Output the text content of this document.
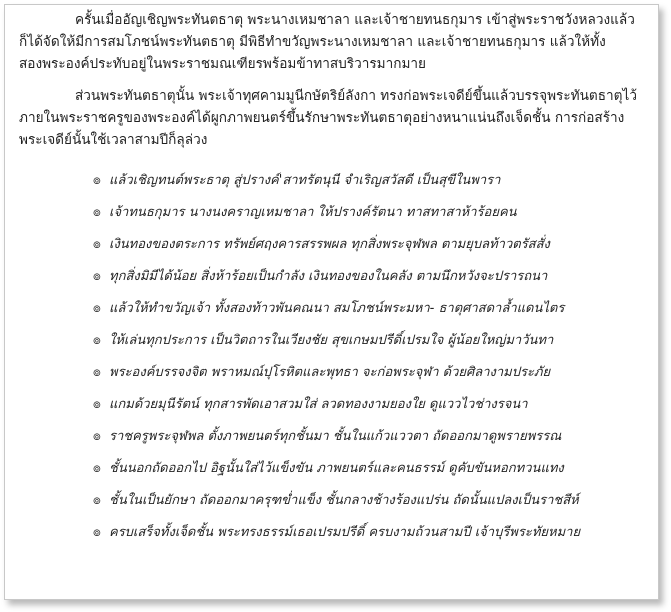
ครั้นเมื่ออัญเชิญพระทันตธาตุ พระนางเหมชาลา และเจ้าชายทนธกุมาร เข้าสู่พระราชวังหลวงแล้ว ก็ได้จัดให้มีการสมโภชน์พระทันตธาตุ มีพิธีทำขวัญพระนางเหมชาลา และเจ้าชายทนธกุมาร แล้วให้ทั้งสองพระองค์ประทับอยู่ในพระราชมณเฑียรพร้อมข้าทาสบริวารมากมาย

ส่วนพระทันตธาตุนั้น พระเจ้าทุศคามมูนีกษัตริย์ลังกา ทรงก่อพระเจดีย์ขึ้นแล้วบรรจุพระทันตธาตุไว้ภายในพระราชครูของพระองค์ได้ผูกภาพยนตร์ขึ้นรักษาพระทันตธาตุอย่างหนาแน่นถึงเจ็ดชั้น การก่อสร้างพระเจดีย์นั้นใช้เวลาสามปีก็ลุล่วง

๏ แล้วเชิญทนต์พระธาตุ สู่ปรางค์'สาทรัตนุนี จำเริญสวัสดี เป็นสุขีในพารา
๏ เจ้าทนธกุมาร นางนงคราญเหมชาลา ให้ปรางค์รัตนา ทาสทาสาห้าร้อยคน
๏ เงินทองของตระการ ทรัพย์ศฤงคารสรรพผล ทุกสิ่งพระจุฬพล ตามยุบลท้าวตรัสสั่ง
๏ ทุกสิ่งมิมีได้น้อย สิ่งห้าร้อยเป็นกำลัง เงินทองของในคลัง ตามนึกหวังจะปรารถนา
๏ แล้วให้ทำขวัญเจ้า ทั้งสองท้าวพันคณนา สมโภชน์พระมหา- ธาตุศาสดาล้ำแดนไตร
๏ ให้เล่นทุกประการ เป็นวิตถารในเวียงชัย สุขเกษมปรีดิ์เปรมใจ ผู้น้อยใหญ่มาวันทา
๏ พระองค์บรรจงจิต พราหมณ์ปุโรหิตและพุทธา จะก่อพระจุฬา ด้วยศิลางามประภัย
๏ แกมด้วยมุนีรัตน์ ทุกสารพัดเอาสวมใส่ ลวดทองงามยองใย ดูแววไวช่างรจนา
๏ ราชครูพระจุฬพล ตั้งภาพยนตร์ทุกชั้นมา ชั้นในแก้วแววตา ถัดออกมาดูพรายพรรณ
๏ ชั้นนอกถัดออกไป อิฐนั้นใส่ไว้แข็งขัน ภาพยนตร์และคนธรรม์ ดูคับขันหอกทวนแทง
๏ ชั้นในเป็นยักษา ถัดออกมาครุฑข่ำแข็ง ชั้นกลางช้างร้องแปร่น ถัดนั้นแปลงเป็นราชสีห์
๏ ครบเสร็จทั้งเจ็ดชั้น พระทรงธรรม์เธอเปรมปรีดิ์ ครบงามถ้วนสามปี เจ้าบุรีพระทัยหมาย
